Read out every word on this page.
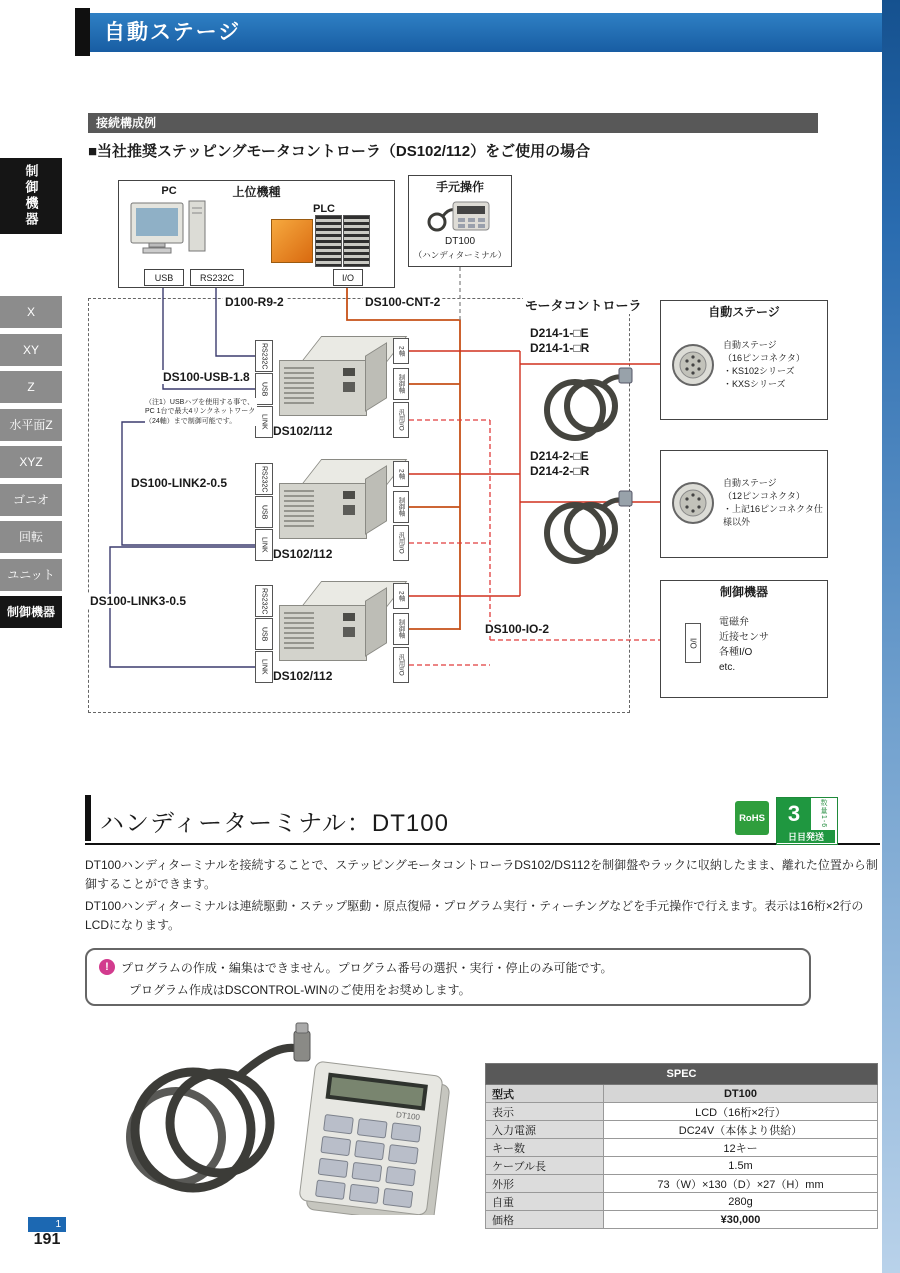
自動ステージ
制御機器
X
XY
Z
水平面Z
XYZ
ゴニオ
回転
ユニット
制御機器
接続構成例
■当社推奨ステッピングモータコントローラ（DS102/112）をご使用の場合
上位機種
PC
PLC
USB	RS232C	I/O
手元操作
DT100
（ハンディターミナル）
D100-R9-2	DS100-CNT-2	モータコントローラ
DS100-USB-1.8
（注1）USBハブを使用する事で、PC 1台で最大4リンクネットワーク（24軸）まで制御可能です。
DS100-LINK2-0.5
DS100-LINK3-0.5
DS100-IO-2
D214-1-□E
D214-1-□R
D214-2-□E
D214-2-□R
RS232C
USB
LINK
2軸
制御軸
汎用I/O
DS102/112
RS232C
USB
LINK
2軸
制御軸
汎用I/O
DS102/112
RS232C
USB
LINK
2軸
制御軸
汎用I/O
DS102/112
自動ステージ
自動ステージ
（16ピンコネクタ）
・KS102シリーズ
・KXSシリーズ
自動ステージ
（12ピンコネクタ）
・上記16ピンコネクタ仕様以外
制御機器
I/O
電磁弁
近接センサ
各種I/O
etc.
ハンディーターミナル：DT100	RoHS	3	数量1-6
日目発送
DT100ハンディターミナルを接続することで、ステッピングモータコントローラDS102/DS112を制御盤やラックに収納したまま、離れた位置から制御することができます。
DT100ハンディターミナルは連続駆動・ステップ駆動・原点復帰・プログラム実行・ティーチングなどを手元操作で行えます。表示は16桁×2行のLCDになります。
!	プログラムの作成・編集はできません。プログラム番号の選択・実行・停止のみ可能です。
プログラム作成はDSCONTROL-WINのご使用をお奨めします。
DT100
SPEC	
型式	DT100
表示	LCD（16桁×2行）
入力電源	DC24V（本体より供給）
キー数	12キー
ケーブル長	1.5m
外形	73（W）×130（D）×27（H）mm
自重	280g
価格	¥30,000
1
191
